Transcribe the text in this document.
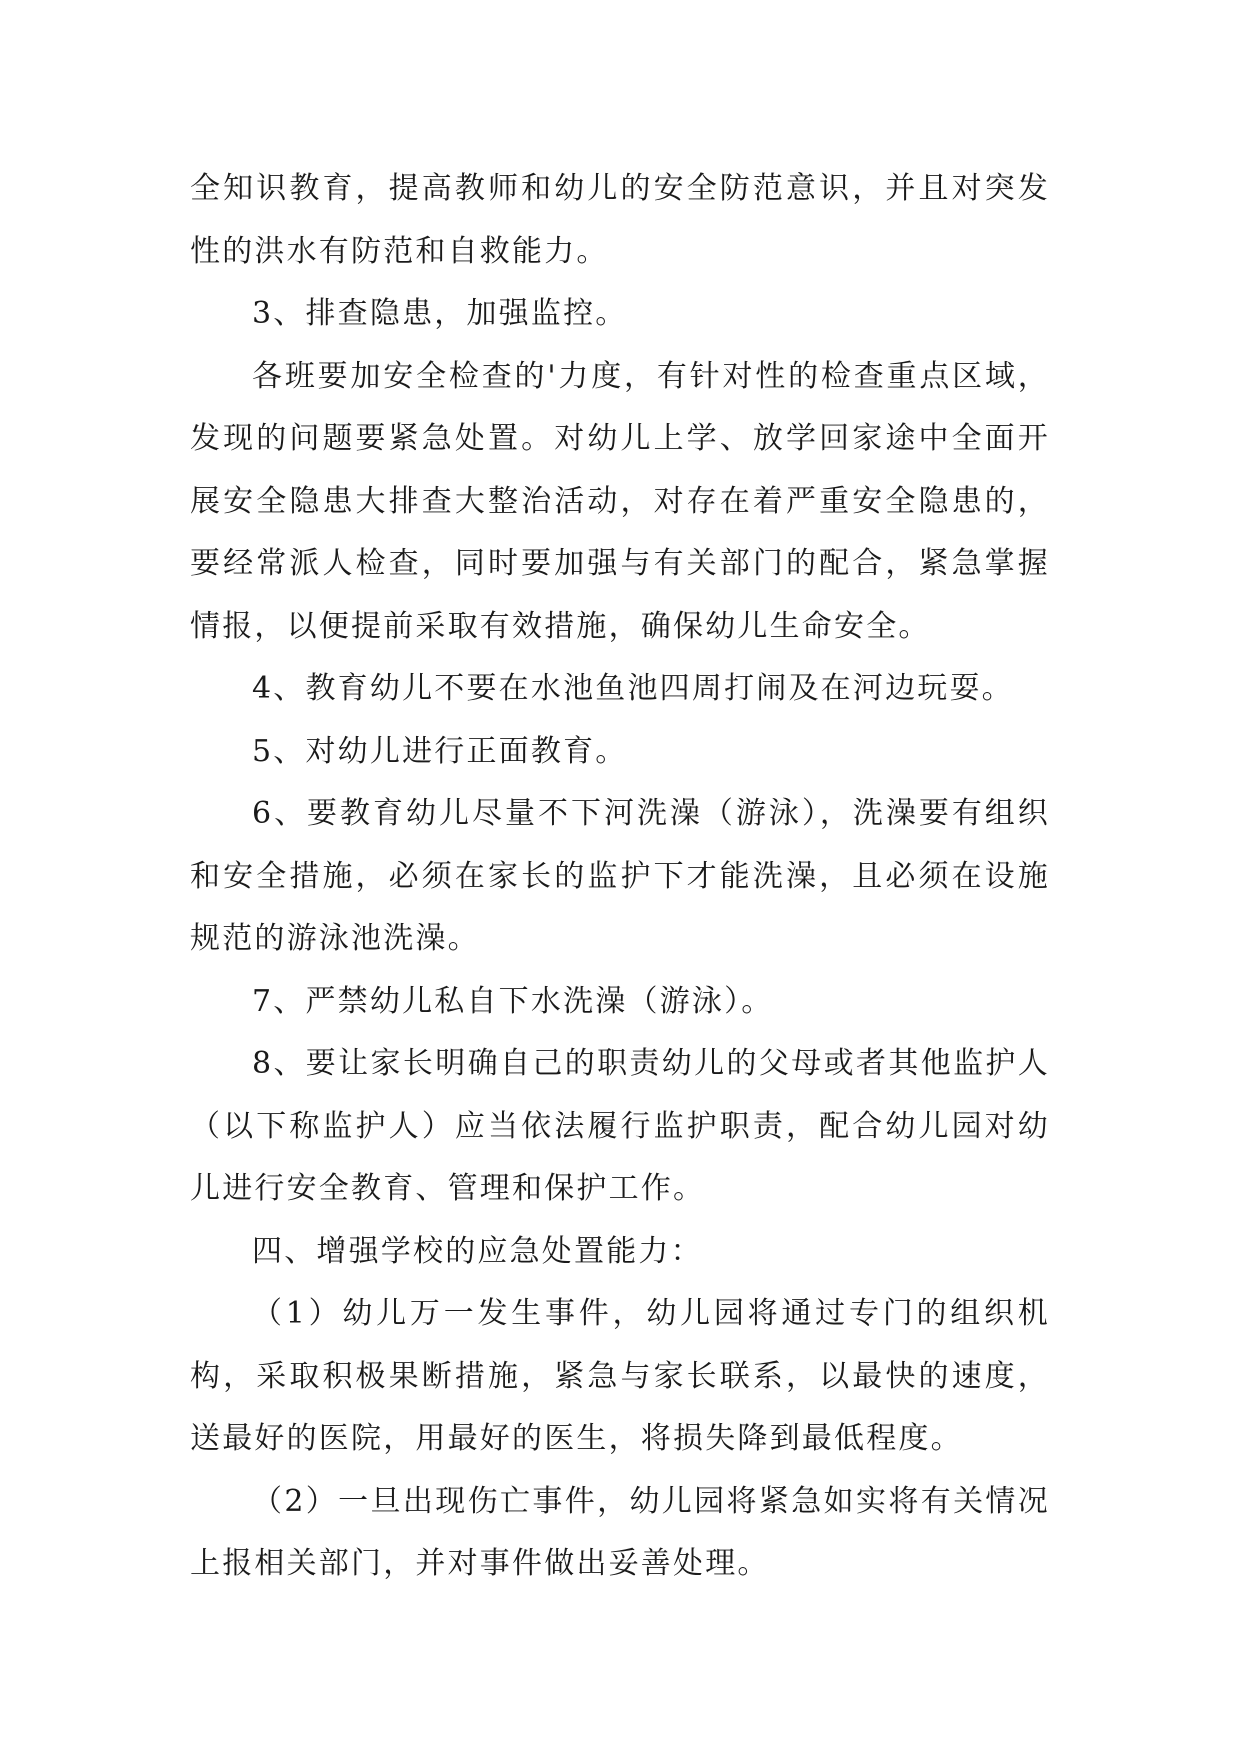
全知识教育，提高教师和幼儿的安全防范意识，并且对突发性的洪水有防范和自救能力。

3、排查隐患，加强监控。

各班要加安全检查的'力度，有针对性的检查重点区域，发现的问题要紧急处置。对幼儿上学、放学回家途中全面开展安全隐患大排查大整治活动，对存在着严重安全隐患的，要经常派人检查，同时要加强与有关部门的配合，紧急掌握情报，以便提前采取有效措施，确保幼儿生命安全。

4、教育幼儿不要在水池鱼池四周打闹及在河边玩耍。

5、对幼儿进行正面教育。

6、要教育幼儿尽量不下河洗澡（游泳），洗澡要有组织和安全措施，必须在家长的监护下才能洗澡，且必须在设施规范的游泳池洗澡。

7、严禁幼儿私自下水洗澡（游泳）。

8、要让家长明确自己的职责幼儿的父母或者其他监护人（以下称监护人）应当依法履行监护职责，配合幼儿园对幼儿进行安全教育、管理和保护工作。

四、增强学校的应急处置能力：

（1）幼儿万一发生事件，幼儿园将通过专门的组织机构，采取积极果断措施，紧急与家长联系，以最快的速度，送最好的医院，用最好的医生，将损失降到最低程度。

（2）一旦出现伤亡事件，幼儿园将紧急如实将有关情况上报相关部门，并对事件做出妥善处理。
